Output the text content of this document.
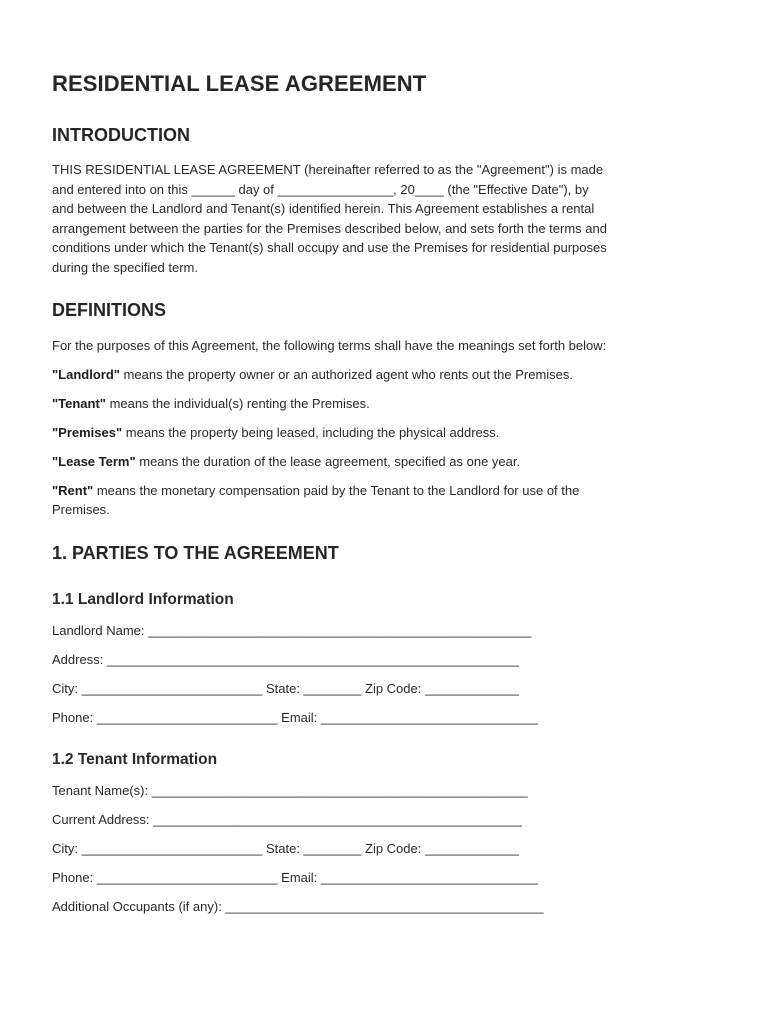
RESIDENTIAL LEASE AGREEMENT
INTRODUCTION
THIS RESIDENTIAL LEASE AGREEMENT (hereinafter referred to as the "Agreement") is made
and entered into on this ______ day of ________________, 20____ (the "Effective Date"), by
and between the Landlord and Tenant(s) identified herein. This Agreement establishes a rental
arrangement between the parties for the Premises described below, and sets forth the terms and
conditions under which the Tenant(s) shall occupy and use the Premises for residential purposes
during the specified term.
DEFINITIONS
For the purposes of this Agreement, the following terms shall have the meanings set forth below:
"Landlord" means the property owner or an authorized agent who rents out the Premises.
"Tenant" means the individual(s) renting the Premises.
"Premises" means the property being leased, including the physical address.
"Lease Term" means the duration of the lease agreement, specified as one year.
"Rent" means the monetary compensation paid by the Tenant to the Landlord for use of the
Premises.
1. PARTIES TO THE AGREEMENT
1.1 Landlord Information
Landlord Name: _____________________________________________________
Address: _________________________________________________________
City: _________________________ State: ________ Zip Code: _____________
Phone: _________________________ Email: ______________________________
1.2 Tenant Information
Tenant Name(s): ____________________________________________________
Current Address: ___________________________________________________
City: _________________________ State: ________ Zip Code: _____________
Phone: _________________________ Email: ______________________________
Additional Occupants (if any): ____________________________________________
